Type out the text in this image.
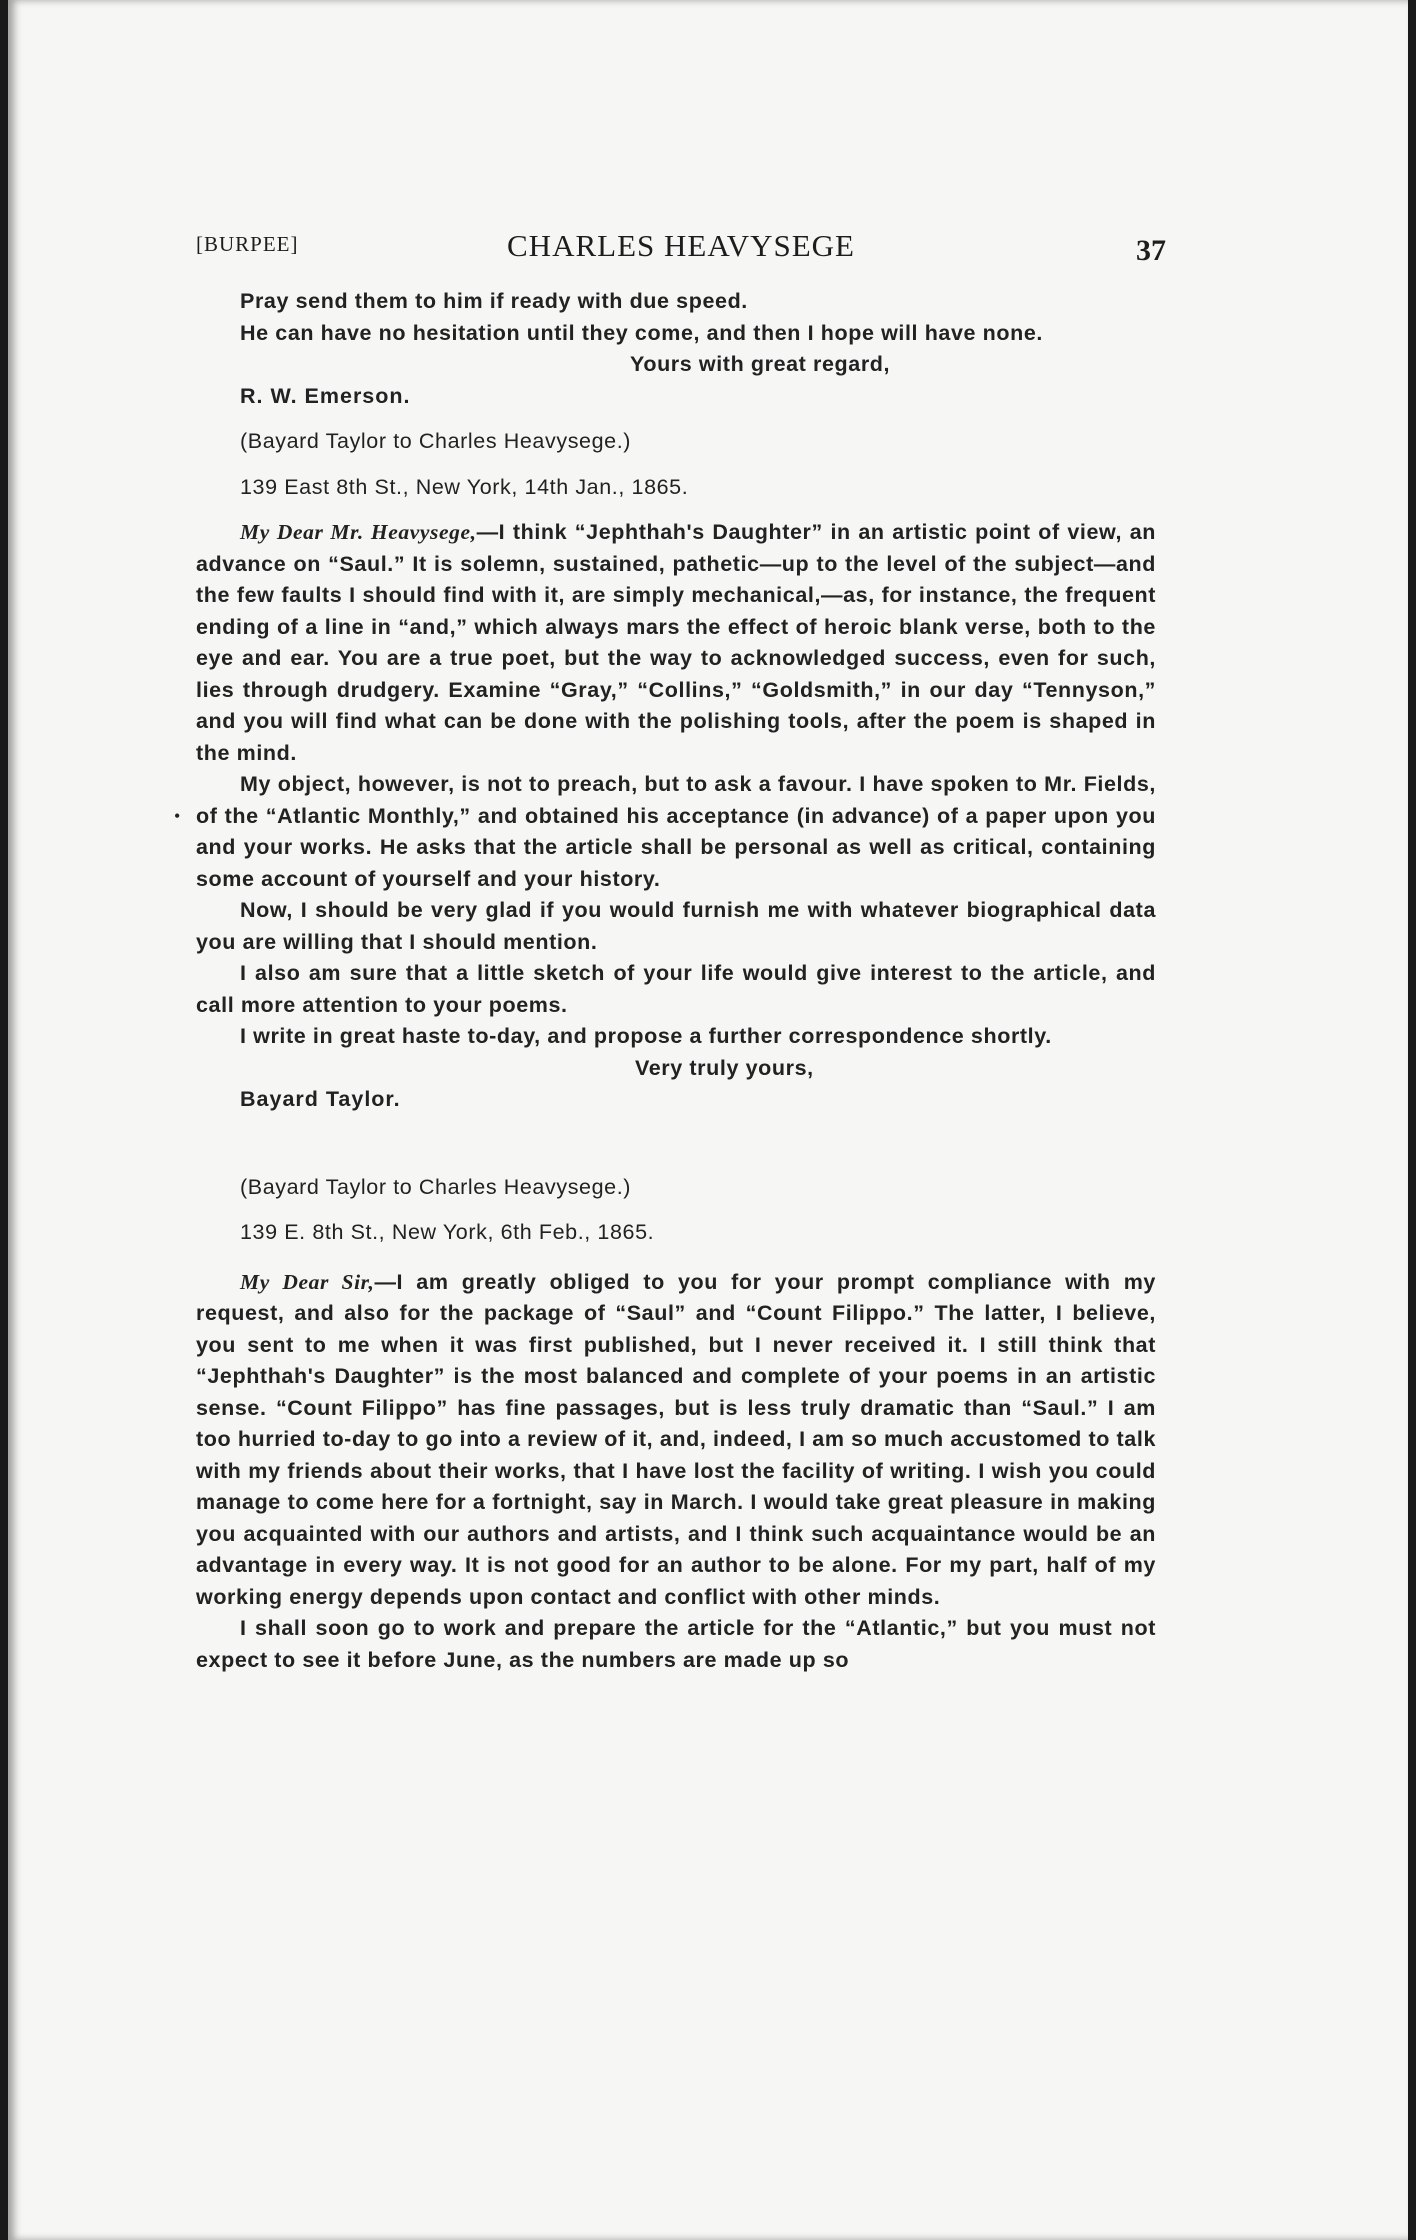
[BURPEE]	CHARLES HEAVYSEGE	37
•

Pray send them to him if ready with due speed.

He can have no hesitation until they come, and then I hope will have none.

Yours with great regard,

R. W. Emerson.

(Bayard Taylor to Charles Heavysege.)

139 East 8th St., New York, 14th Jan., 1865.

My Dear Mr. Heavysege,—I think “Jephthah's Daughter” in an artistic point of view, an advance on “Saul.” It is solemn, sustained, pathetic—up to the level of the subject—and the few faults I should find with it, are simply mechanical,—as, for instance, the frequent ending of a line in “and,” which always mars the effect of heroic blank verse, both to the eye and ear. You are a true poet, but the way to acknowledged success, even for such, lies through drudgery. Examine “Gray,” “Collins,” “Goldsmith,” in our day “Tennyson,” and you will find what can be done with the polishing tools, after the poem is shaped in the mind.

My object, however, is not to preach, but to ask a favour. I have spoken to Mr. Fields, of the “Atlantic Monthly,” and obtained his acceptance (in advance) of a paper upon you and your works. He asks that the article shall be personal as well as critical, containing some account of yourself and your history.

Now, I should be very glad if you would furnish me with whatever biographical data you are willing that I should mention.

I also am sure that a little sketch of your life would give interest to the article, and call more attention to your poems.

I write in great haste to-day, and propose a further correspondence shortly.

Very truly yours,

Bayard Taylor.

(Bayard Taylor to Charles Heavysege.)

139 E. 8th St., New York, 6th Feb., 1865.

My Dear Sir,—I am greatly obliged to you for your prompt compliance with my request, and also for the package of “Saul” and “Count Filippo.” The latter, I believe, you sent to me when it was first published, but I never received it. I still think that “Jephthah's Daughter” is the most balanced and complete of your poems in an artistic sense. “Count Filippo” has fine passages, but is less truly dramatic than “Saul.” I am too hurried to-day to go into a review of it, and, indeed, I am so much accustomed to talk with my friends about their works, that I have lost the facility of writing. I wish you could manage to come here for a fortnight, say in March. I would take great pleasure in making you acquainted with our authors and artists, and I think such acquaintance would be an advantage in every way. It is not good for an author to be alone. For my part, half of my working energy depends upon contact and conflict with other minds.

I shall soon go to work and prepare the article for the “Atlantic,” but you must not expect to see it before June, as the numbers are made up so
